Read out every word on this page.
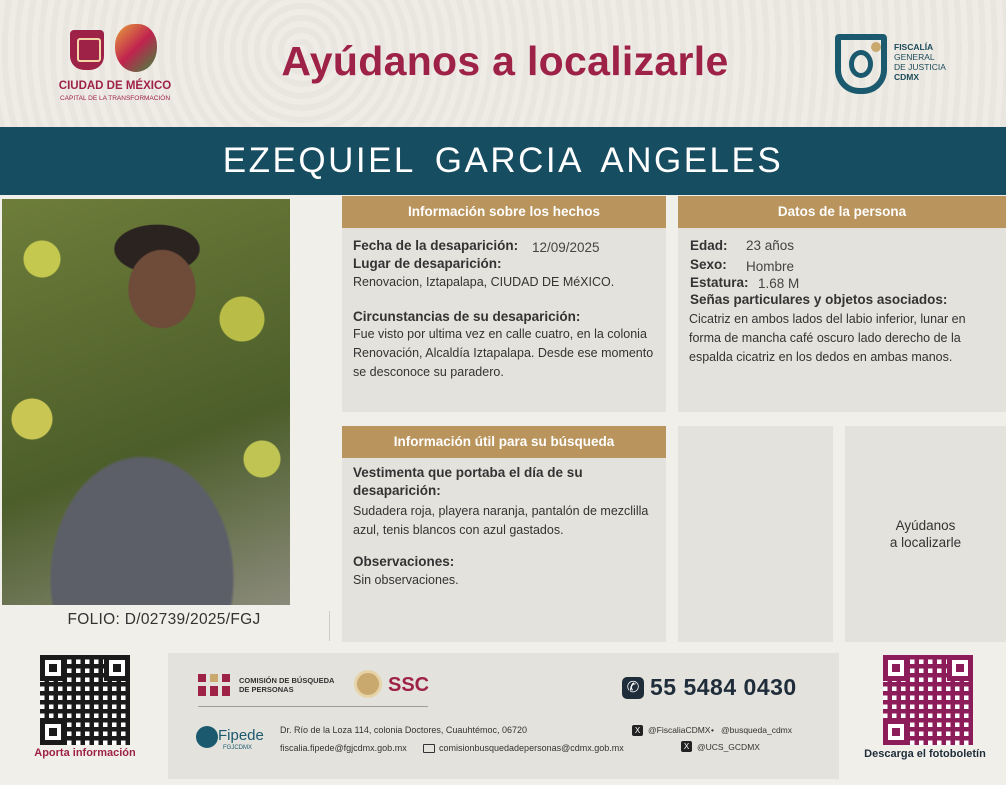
CIUDAD DE MÉXICO
CAPITAL DE LA TRANSFORMACIÓN
Ayúdanos a localizarle	FISCALÍA
GENERAL
DE JUSTICIA
CDMX
EZEQUIEL GARCIA ANGELES
FOLIO: D/02739/2025/FGJ
Información sobre los hechos
Fecha de la desaparición: 12/09/2025
Lugar de desaparición:
Renovacion, Iztapalapa, CIUDAD DE MéXICO.
Circunstancias de su desaparición:
Fue visto por ultima vez en calle cuatro, en la colonia Renovación, Alcaldía Iztapalapa. Desde ese momento se desconoce su paradero.
Datos de la persona
Edad: 23 años
Sexo: Hombre
Estatura: 1.68 M
Señas particulares y objetos asociados:
Cicatriz en ambos lados del labio inferior, lunar en forma de mancha café oscuro lado derecho de la espalda cicatriz en los dedos en ambas manos.
Información útil para su búsqueda
Vestimenta que portaba el día de su desaparición:
Sudadera roja, playera naranja, pantalón de mezclilla azul, tenis blancos con azul gastados.
Observaciones:
Sin observaciones.
Ayúdanos
a localizarle
Aporta información	Descarga el fotoboletín
COMISIÓN DE BÚSQUEDA
DE PERSONAS	SSC	✆ 55 5484 0430
Fipede
FGJCDMX
Dr. Río de la Loza 114, colonia Doctores, Cuauhtémoc, 06720
fiscalia.fipede@fgjcdmx.gob.mx	comisionbusquedadepersonas@cdmx.gob.mx
X @FiscaliaCDMX • @busqueda_cdmx
X @UCS_GCDMX
